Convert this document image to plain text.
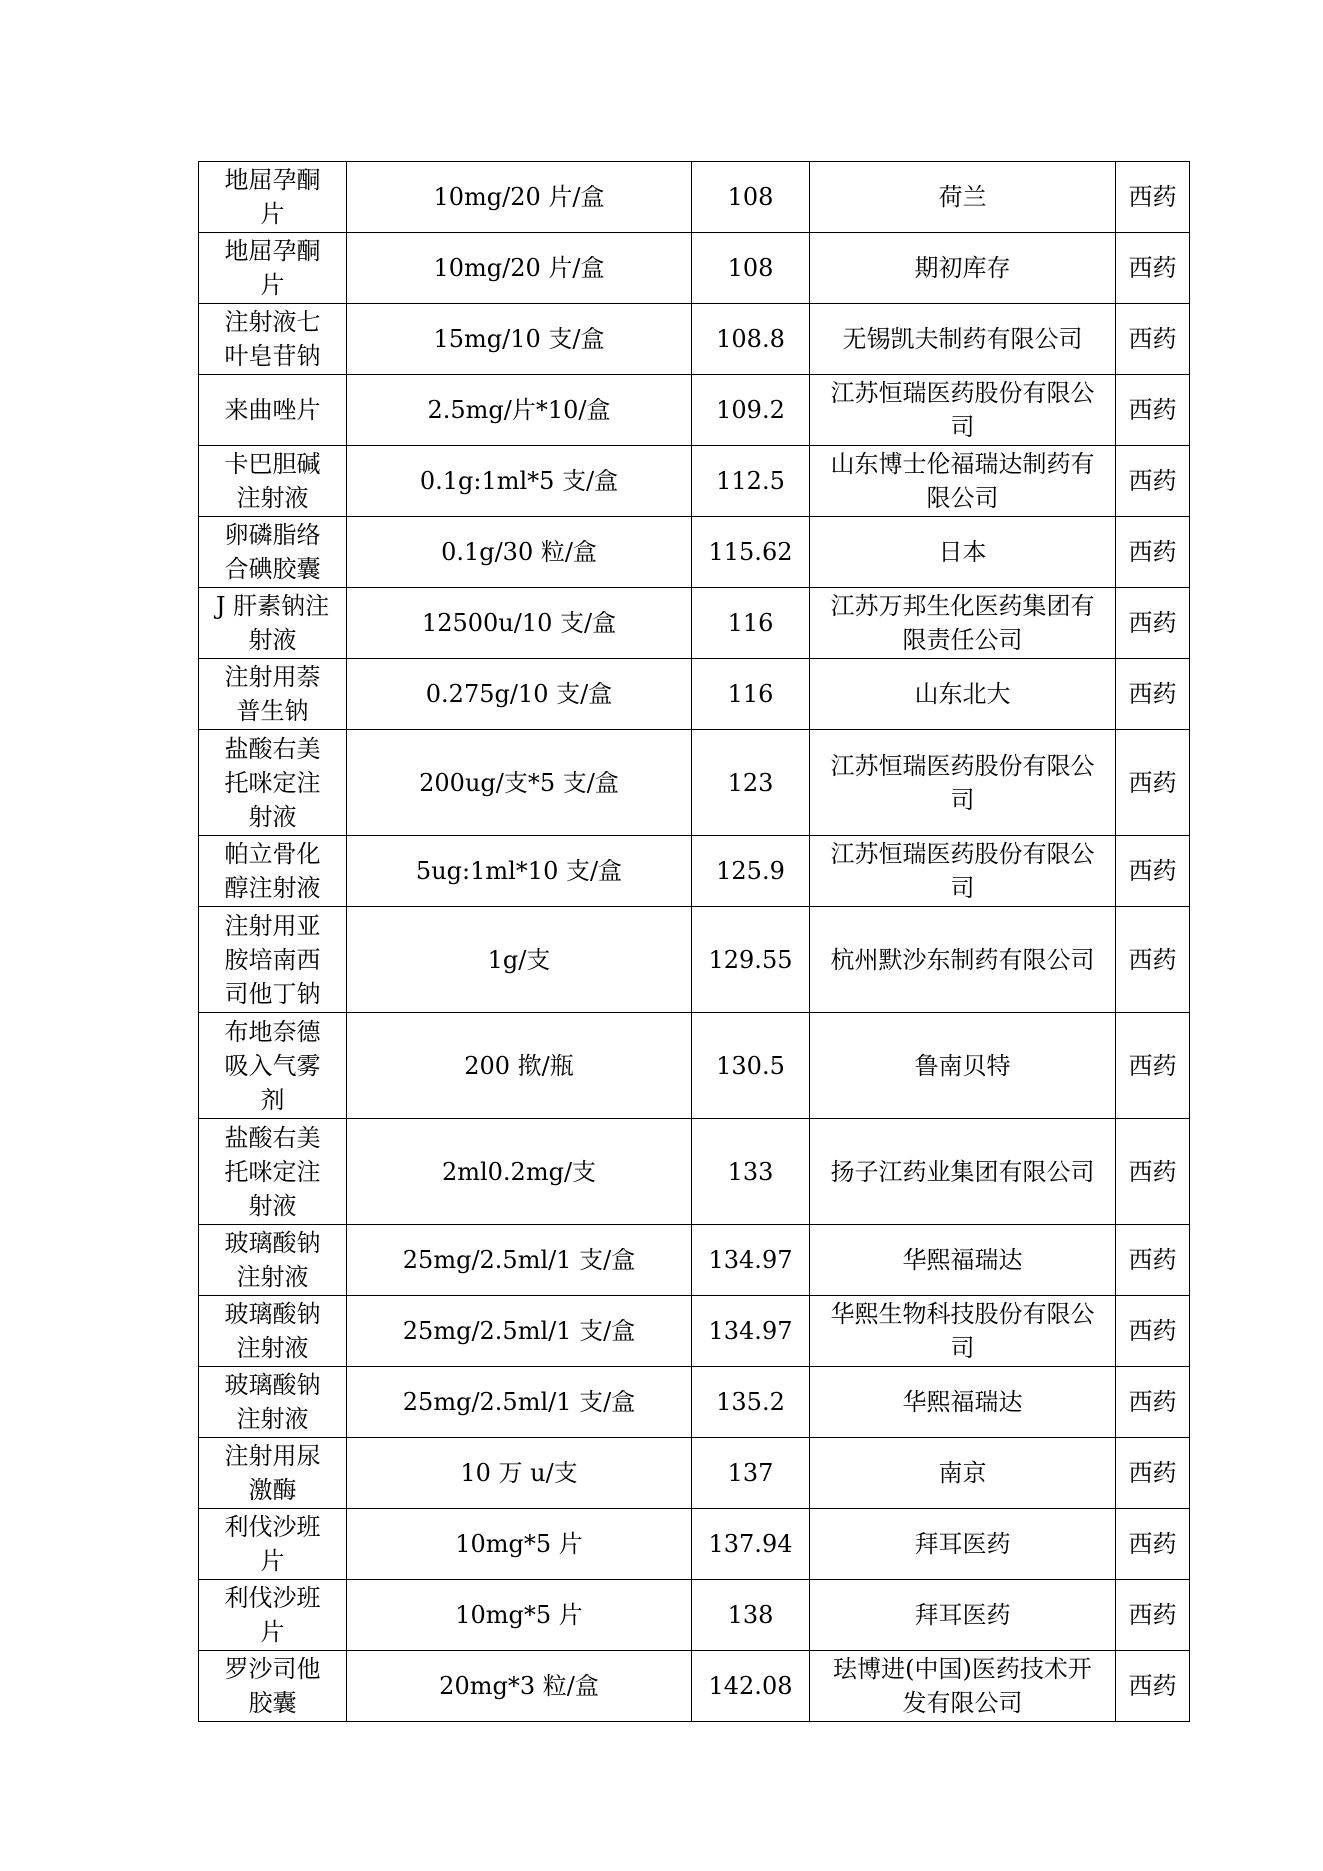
地屈孕酮片	10mg/20 片/盒	108	荷兰	西药
地屈孕酮片	10mg/20 片/盒	108	期初库存	西药
注射液七叶皂苷钠	15mg/10 支/盒	108.8	无锡凯夫制药有限公司	西药
来曲唑片	2.5mg/片*10/盒	109.2	江苏恒瑞医药股份有限公司	西药
卡巴胆碱注射液	0.1g:1ml*5 支/盒	112.5	山东博士伦福瑞达制药有限公司	西药
卵磷脂络合碘胶囊	0.1g/30 粒/盒	115.62	日本	西药
J 肝素钠注射液	12500u/10 支/盒	116	江苏万邦生化医药集团有限责任公司	西药
注射用萘普生钠	0.275g/10 支/盒	116	山东北大	西药
盐酸右美托咪定注射液	200ug/支*5 支/盒	123	江苏恒瑞医药股份有限公司	西药
帕立骨化醇注射液	5ug:1ml*10 支/盒	125.9	江苏恒瑞医药股份有限公司	西药
注射用亚胺培南西司他丁钠	1g/支	129.55	杭州默沙东制药有限公司	西药
布地奈德吸入气雾剂	200 揿/瓶	130.5	鲁南贝特	西药
盐酸右美托咪定注射液	2ml0.2mg/支	133	扬子江药业集团有限公司	西药
玻璃酸钠注射液	25mg/2.5ml/1 支/盒	134.97	华熙福瑞达	西药
玻璃酸钠注射液	25mg/2.5ml/1 支/盒	134.97	华熙生物科技股份有限公司	西药
玻璃酸钠注射液	25mg/2.5ml/1 支/盒	135.2	华熙福瑞达	西药
注射用尿激酶	10 万 u/支	137	南京	西药
利伐沙班片	10mg*5 片	137.94	拜耳医药	西药
利伐沙班片	10mg*5 片	138	拜耳医药	西药
罗沙司他胶囊	20mg*3 粒/盒	142.08	珐博进(中国)医药技术开发有限公司	西药
